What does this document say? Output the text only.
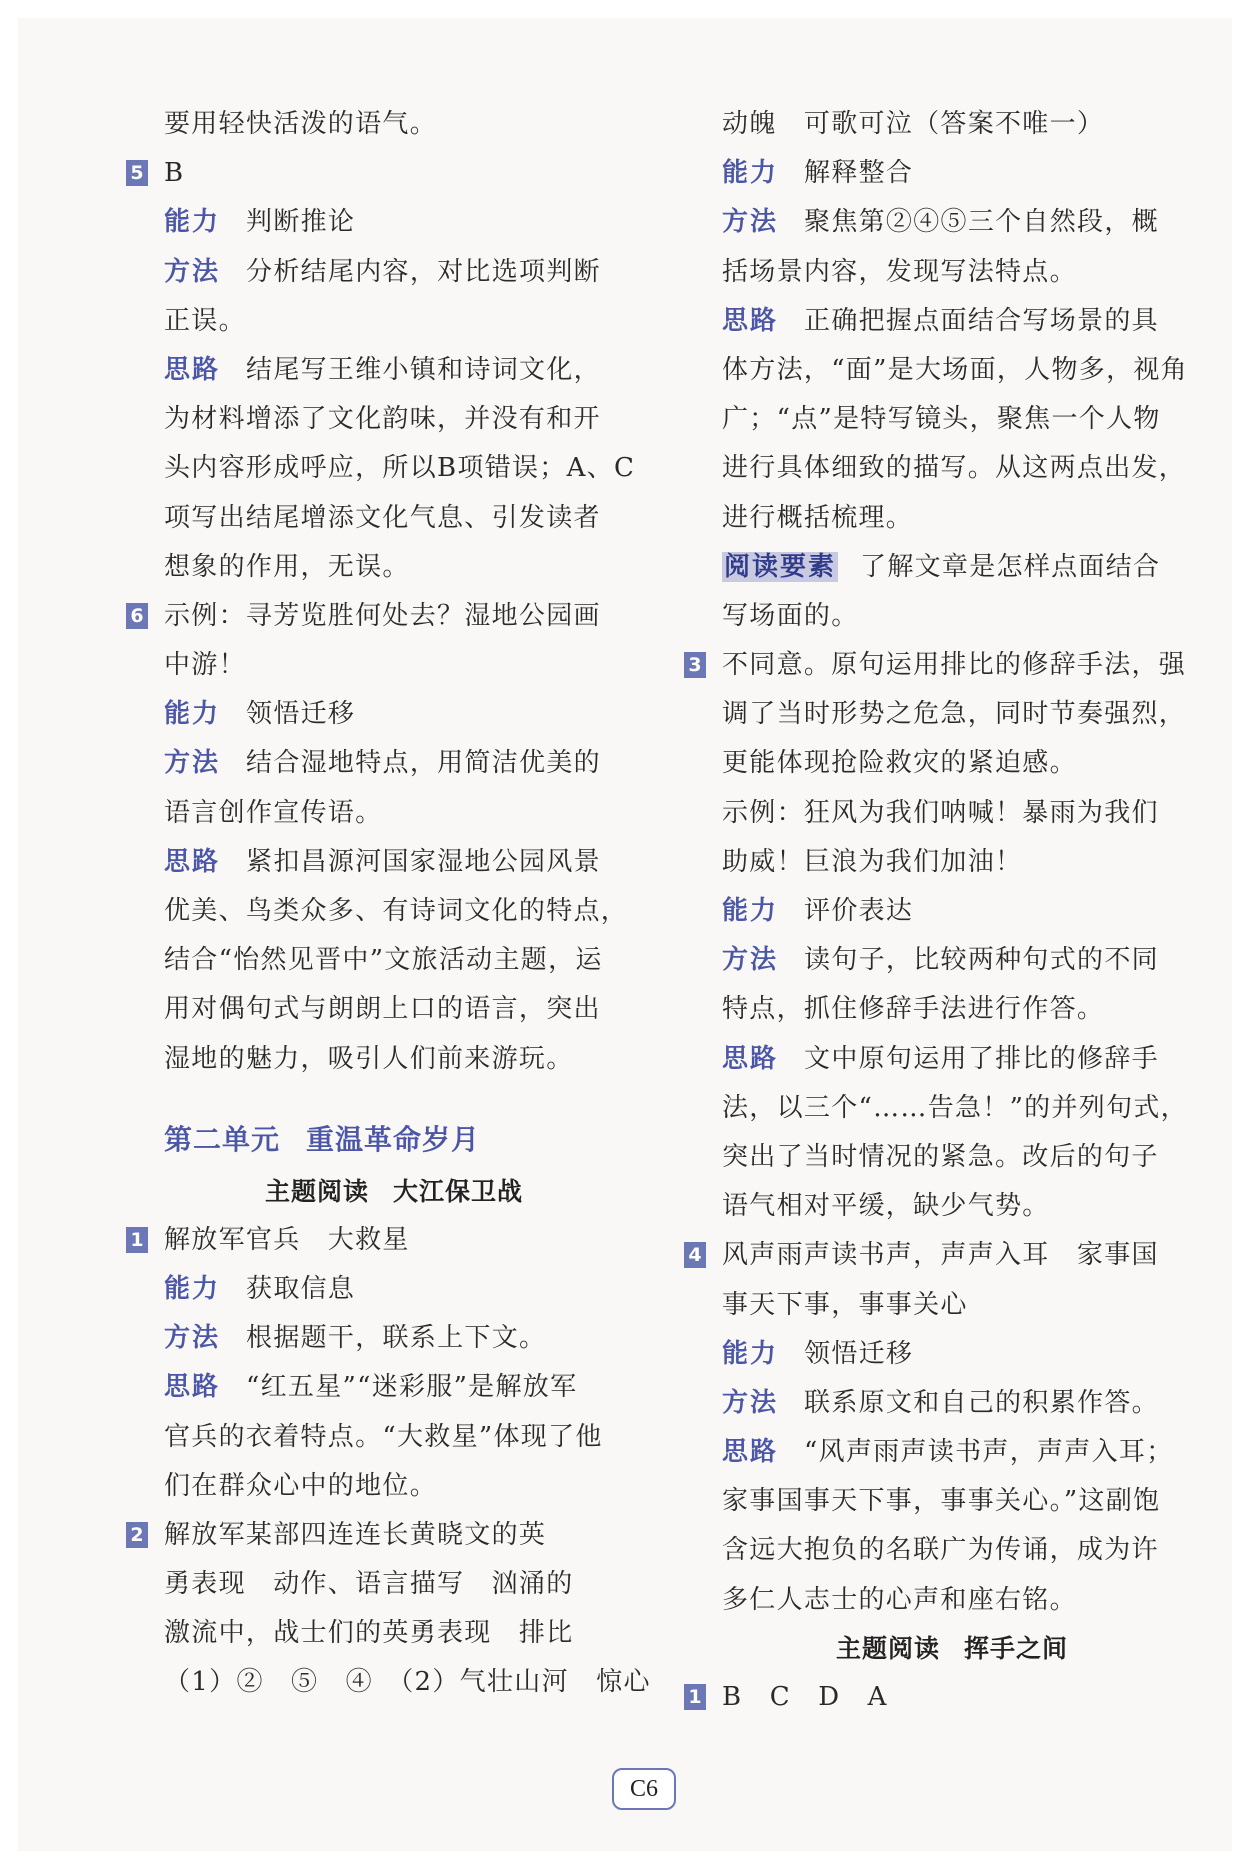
要用轻快活泼的语气。
5 B
能力 判断推论
方法 分析结尾内容，对比选项判断
正误。
思路 结尾写王维小镇和诗词文化，
为材料增添了文化韵味，并没有和开
头内容形成呼应，所以B项错误；A、C
项写出结尾增添文化气息、引发读者
想象的作用，无误。
6 示例：寻芳览胜何处去？湿地公园画
中游！
能力 领悟迁移
方法 结合湿地特点，用简洁优美的
语言创作宣传语。
思路 紧扣昌源河国家湿地公园风景
优美、鸟类众多、有诗词文化的特点，
结合“怡然见晋中”文旅活动主题，运
用对偶句式与朗朗上口的语言，突出
湿地的魅力，吸引人们前来游玩。
第二单元 重温革命岁月
主题阅读 大江保卫战
1 解放军官兵　大救星
能力 获取信息
方法 根据题干，联系上下文。
思路 “红五星”“迷彩服”是解放军
官兵的衣着特点。“大救星”体现了他
们在群众心中的地位。
2 解放军某部四连连长黄晓文的英
勇表现　动作、语言描写　汹涌的
激流中，战士们的英勇表现　排比
（1）②　⑤　④　（2）气壮山河　惊心
动魄　可歌可泣（答案不唯一）
能力 解释整合
方法 聚焦第②④⑤三个自然段，概
括场景内容，发现写法特点。
思路 正确把握点面结合写场景的具
体方法，“面”是大场面，人物多，视角
广；“点”是特写镜头，聚焦一个人物
进行具体细致的描写。从这两点出发，
进行概括梳理。
阅读要素 了解文章是怎样点面结合
写场面的。
3 不同意。原句运用排比的修辞手法，强
调了当时形势之危急，同时节奏强烈，
更能体现抢险救灾的紧迫感。
示例：狂风为我们呐喊！暴雨为我们
助威！巨浪为我们加油！
能力 评价表达
方法 读句子，比较两种句式的不同
特点，抓住修辞手法进行作答。
思路 文中原句运用了排比的修辞手
法，以三个“……告急！”的并列句式，
突出了当时情况的紧急。改后的句子
语气相对平缓，缺少气势。
4 风声雨声读书声，声声入耳　家事国
事天下事，事事关心
能力 领悟迁移
方法 联系原文和自己的积累作答。
思路 “风声雨声读书声，声声入耳；
家事国事天下事，事事关心。”这副饱
含远大抱负的名联广为传诵，成为许
多仁人志士的心声和座右铭。
主题阅读 挥手之间
1 B　C　D　A
C6
